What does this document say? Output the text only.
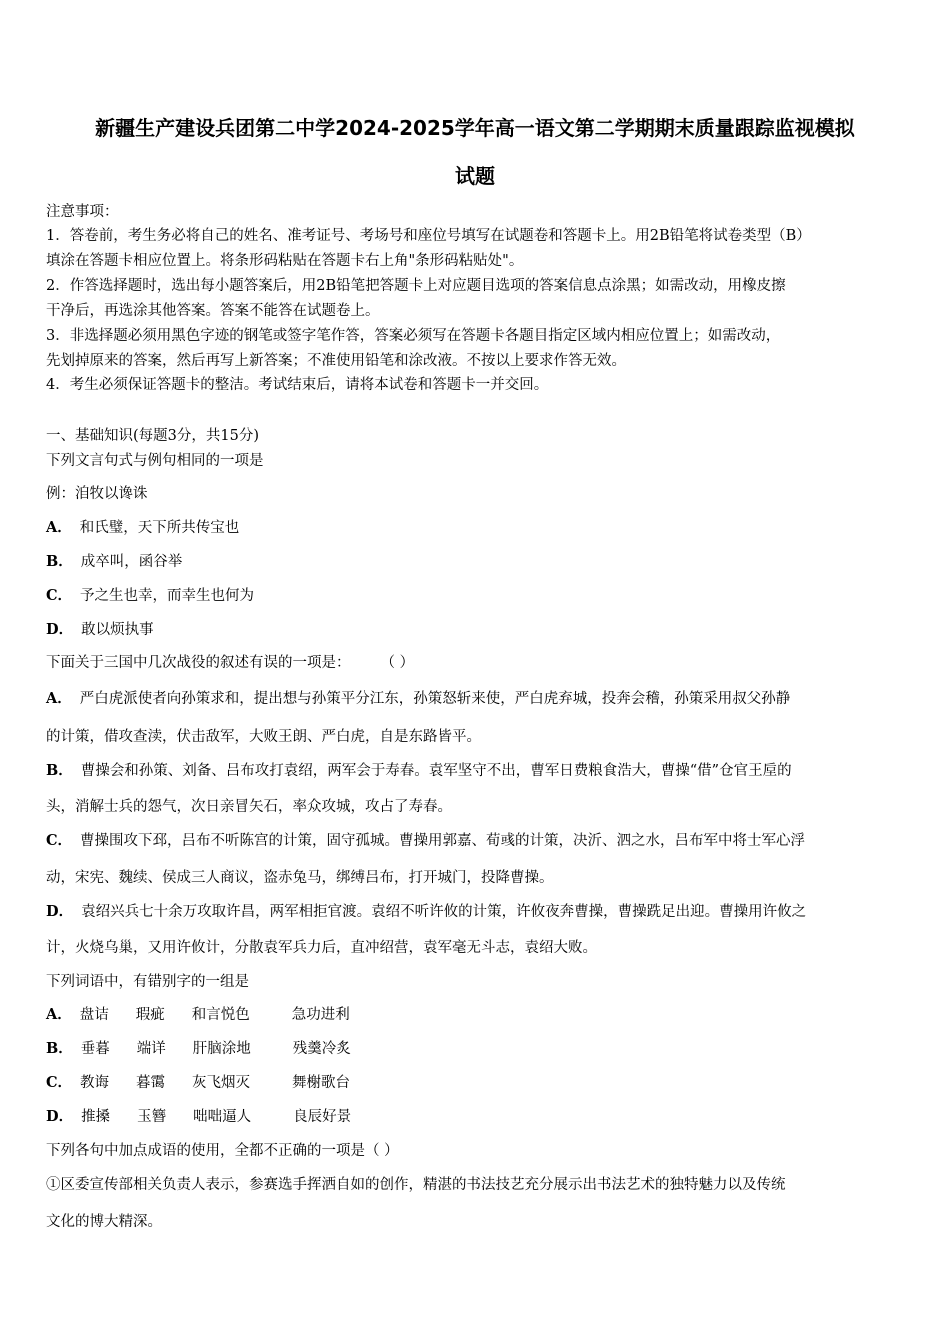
新疆生产建设兵团第二中学2024-2025学年高一语文第二学期期末质量跟踪监视模拟
试题
注意事项：
1．答卷前，考生务必将自己的姓名、准考证号、考场号和座位号填写在试题卷和答题卡上。用2B铅笔将试卷类型（B）
填涂在答题卡相应位置上。将条形码粘贴在答题卡右上角"条形码粘贴处"。
2．作答选择题时，选出每小题答案后，用2B铅笔把答题卡上对应题目选项的答案信息点涂黑；如需改动，用橡皮擦
干净后，再选涂其他答案。答案不能答在试题卷上。
3．非选择题必须用黑色字迹的钢笔或签字笔作答，答案必须写在答题卡各题目指定区域内相应位置上；如需改动，
先划掉原来的答案，然后再写上新答案；不准使用铅笔和涂改液。不按以上要求作答无效。
4．考生必须保证答题卡的整洁。考试结束后，请将本试卷和答题卡一并交回。
一、基础知识(每题3分，共15分)
下列文言句式与例句相同的一项是
例：洎牧以谗诛
A． 和氏璧，天下所共传宝也
B． 成卒叫，函谷举
C． 予之生也幸，而幸生也何为
D． 敢以烦执事
下面关于三国中几次战役的叙述有误的一项是： （ ）
A． 严白虎派使者向孙策求和，提出想与孙策平分江东，孙策怒斩来使，严白虎弃城，投奔会稽，孙策采用叔父孙静
的计策，借攻查渎，伏击敌军，大败王朗、严白虎，自是东路皆平。
B． 曹操会和孙策、刘备、吕布攻打袁绍，两军会于寿春。袁军坚守不出，曹军日费粮食浩大，曹操“借”仓官王垕的
头，消解士兵的怨气，次日亲冒矢石，率众攻城，攻占了寿春。
C． 曹操围攻下邳，吕布不听陈宫的计策，固守孤城。曹操用郭嘉、荀彧的计策，决沂、泗之水，吕布军中将士军心浮
动，宋宪、魏续、侯成三人商议，盗赤兔马，绑缚吕布，打开城门，投降曹操。
D． 袁绍兴兵七十余万攻取许昌，两军相拒官渡。袁绍不听许攸的计策，许攸夜奔曹操，曹操跣足出迎。曹操用许攸之
计，火烧乌巢，又用许攸计，分散袁军兵力后，直冲绍营，袁军毫无斗志，袁绍大败。
下列词语中，有错别字的一组是
A． 盘诘 瑕疵 和言悦色	急功进利
B． 垂暮 端详 肝脑涂地	残羹冷炙
C． 教诲 暮霭 灰飞烟灭	舞榭歌台
D． 推搡 玉簪 咄咄逼人	良辰好景
下列各句中加点成语的使用，全都不正确的一项是（ ）
①区委宣传部相关负责人表示，参赛选手挥洒自如的创作，精湛的书法技艺充分展示出书法艺术的独特魅力以及传统
文化的博大精深。
